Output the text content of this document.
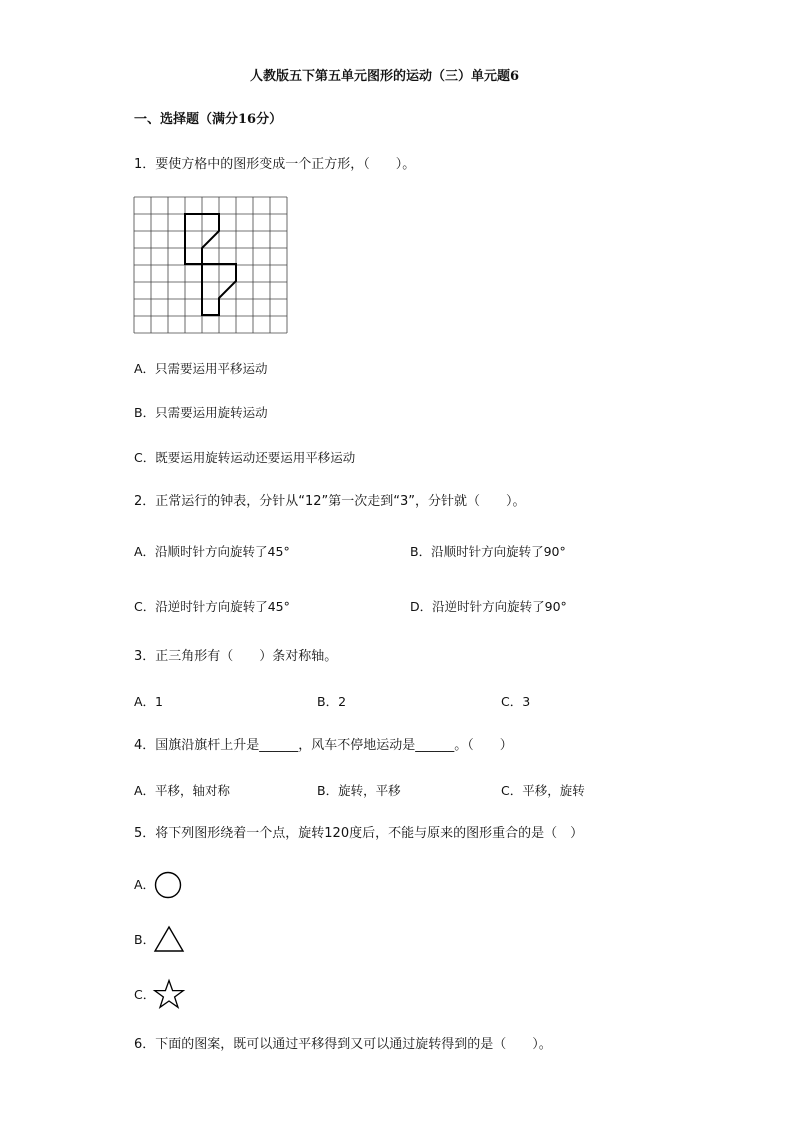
人教版五下第五单元图形的运动（三）单元题6
一、选择题（满分16分）
1．要使方格中的图形变成一个正方形，（　　）。
A．只需要运用平移运动
B．只需要运用旋转运动
C．既要运用旋转运动还要运用平移运动
2．正常运行的钟表，分针从“12”第一次走到“3”，分针就（　　）。
A．沿顺时针方向旋转了45°	B．沿顺时针方向旋转了90°
C．沿逆时针方向旋转了45°	D．沿逆时针方向旋转了90°
3．正三角形有（　　）条对称轴。
A．1	B．2	C．3
4．国旗沿旗杆上升是______，风车不停地运动是______。（　　）
A．平移，轴对称	B．旋转，平移	C．平移，旋转
5．将下列图形绕着一个点，旋转120度后，不能与原来的图形重合的是（　）
A．
B．
C．
6．下面的图案，既可以通过平移得到又可以通过旋转得到的是（　　）。
